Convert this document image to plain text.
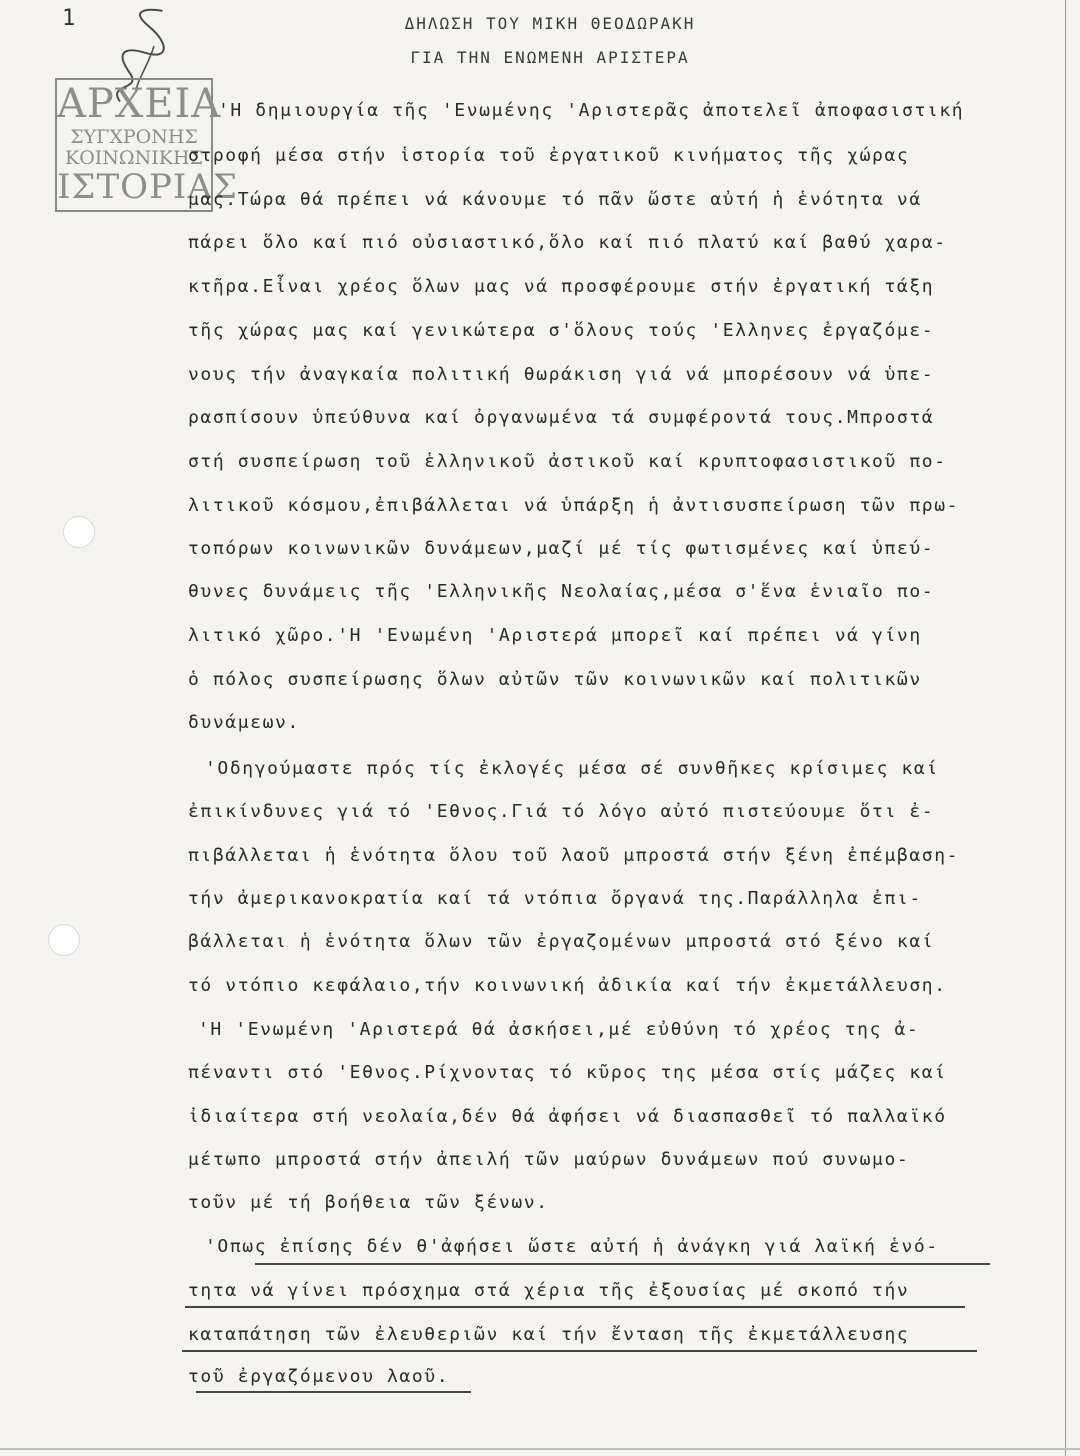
1
ΑΡΧΕΙΑ
ΣΥΓΧΡΟΝΗΣ
ΚΟΙΝΩΝΙΚΗΣ
ΙΣΤΟΡΙΑΣ
ΔΗΛΩΣΗ ΤΟΥ ΜΙΚΗ ΘΕΟΔΩΡΑΚΗ
ΓΙΑ ΤΗΝ ΕΝΩΜΕΝΗ ΑΡΙΣΤΕΡΑ
'Η δημιουργία τῆς 'Ενωμένης 'Αριστερᾶς ἀποτελεῖ ἀποφασιστική
στροφή μέσα στήν ἱστορία τοῦ ἐργατικοῦ κινήματος τῆς χώρας
μας.Τώρα θά πρέπει νά κάνουμε τό πᾶν ὥστε αὐτή ἡ ἑνότητα νά
πάρει ὅλο καί πιό οὐσιαστικό,ὅλο καί πιό πλατύ καί βαθύ χαρα-
κτῆρα.Εἶναι χρέος ὅλων μας νά προσφέρουμε στήν ἐργατική τάξη
τῆς χώρας μας καί γενικώτερα σ'ὅλους τούς 'Ελληνες ἐργαζόμε-
νους τήν ἀναγκαία πολιτική θωράκιση γιά νά μπορέσουν νά ὑπε-
ρασπίσουν ὑπεύθυνα καί ὀργανωμένα τά συμφέροντά τους.Μπροστά
στή συσπείρωση τοῦ ἑλληνικοῦ ἀστικοῦ καί κρυπτοφασιστικοῦ πο-
λιτικοῦ κόσμου,ἐπιβάλλεται νά ὑπάρξη ἡ ἀντισυσπείρωση τῶν πρω-
τοπόρων κοινωνικῶν δυνάμεων,μαζί μέ τίς φωτισμένες καί ὑπεύ-
θυνες δυνάμεις τῆς 'Ελληνικῆς Νεολαίας,μέσα σ'ἕνα ἑνιαῖο πο-
λιτικό χῶρο.'Η 'Ενωμένη 'Αριστερά μπορεῖ καί πρέπει νά γίνη
ὁ πόλος συσπείρωσης ὅλων αὐτῶν τῶν κοινωνικῶν καί πολιτικῶν
δυνάμεων.
'Οδηγούμαστε πρός τίς ἐκλογές μέσα σέ συνθῆκες κρίσιμες καί
ἐπικίνδυνες γιά τό 'Εθνος.Γιά τό λόγο αὐτό πιστεύουμε ὅτι ἐ-
πιβάλλεται ἡ ἑνότητα ὅλου τοῦ λαοῦ μπροστά στήν ξένη ἐπέμβαση-
τήν ἀμερικανοκρατία καί τά ντόπια ὄργανά της.Παράλληλα ἐπι-
βάλλεται ἡ ἑνότητα ὅλων τῶν ἐργαζομένων μπροστά στό ξένο καί
τό ντόπιο κεφάλαιο,τήν κοινωνική ἀδικία καί τήν ἐκμετάλλευση.
'Η 'Ενωμένη 'Αριστερά θά ἀσκήσει,μέ εὐθύνη τό χρέος της ἀ-
πέναντι στό 'Εθνος.Ρίχνοντας τό κῦρος της μέσα στίς μάζες καί
ἰδιαίτερα στή νεολαία,δέν θά ἀφήσει νά διασπασθεῖ τό παλλαϊκό
μέτωπο μπροστά στήν ἀπειλή τῶν μαύρων δυνάμεων πού συνωμο-
τοῦν μέ τή βοήθεια τῶν ξένων.
'Οπως ἐπίσης δέν θ'ἀφήσει ὥστε αὐτή ἡ ἀνάγκη γιά λαϊκή ἑνό-
τητα νά γίνει πρόσχημα στά χέρια τῆς ἐξουσίας μέ σκοπό τήν
καταπάτηση τῶν ἐλευθεριῶν καί τήν ἔνταση τῆς ἐκμετάλλευσης
τοῦ ἐργαζόμενου λαοῦ.
